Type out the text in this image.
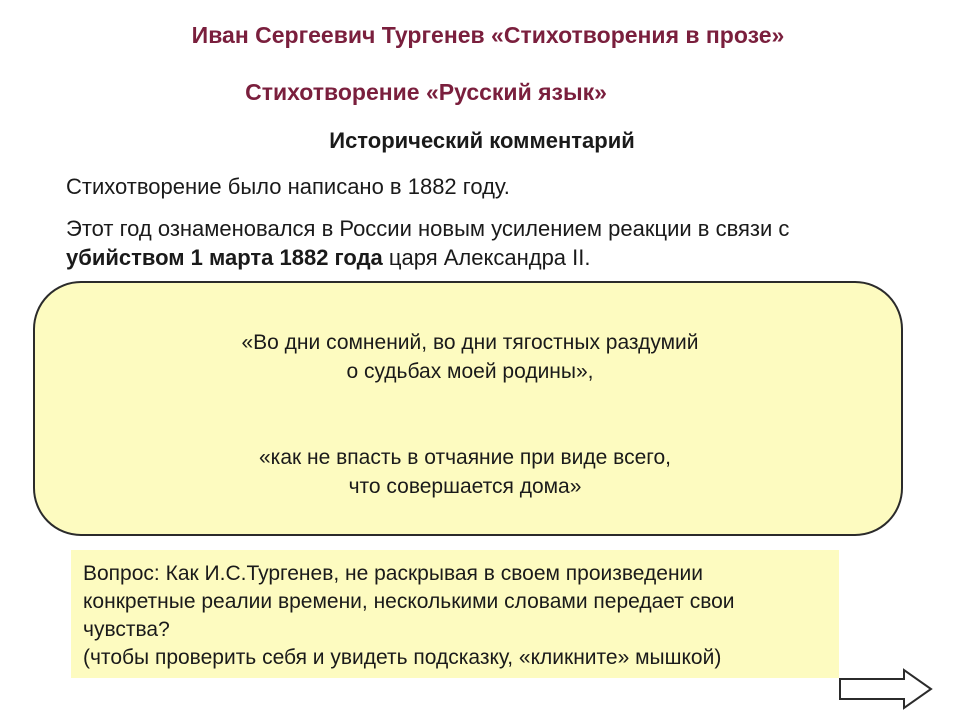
Иван Сергеевич Тургенев «Стихотворения в прозе»
Стихотворение «Русский язык»
Исторический комментарий
Стихотворение было написано в 1882 году.
Этот год ознаменовался в России новым усилением реакции в связи с
убийством 1 марта 1882 года царя Александра II.
«Во дни сомнений, во дни тягостных раздумий
о судьбах моей родины»,
«как не впасть в отчаяние при виде всего,
что совершается дома»
Вопрос: Как И.С.Тургенев, не раскрывая в своем произведении
конкретные реалии времени, несколькими словами передает свои
чувства?
(чтобы проверить себя и увидеть подсказку, «кликните» мышкой)
